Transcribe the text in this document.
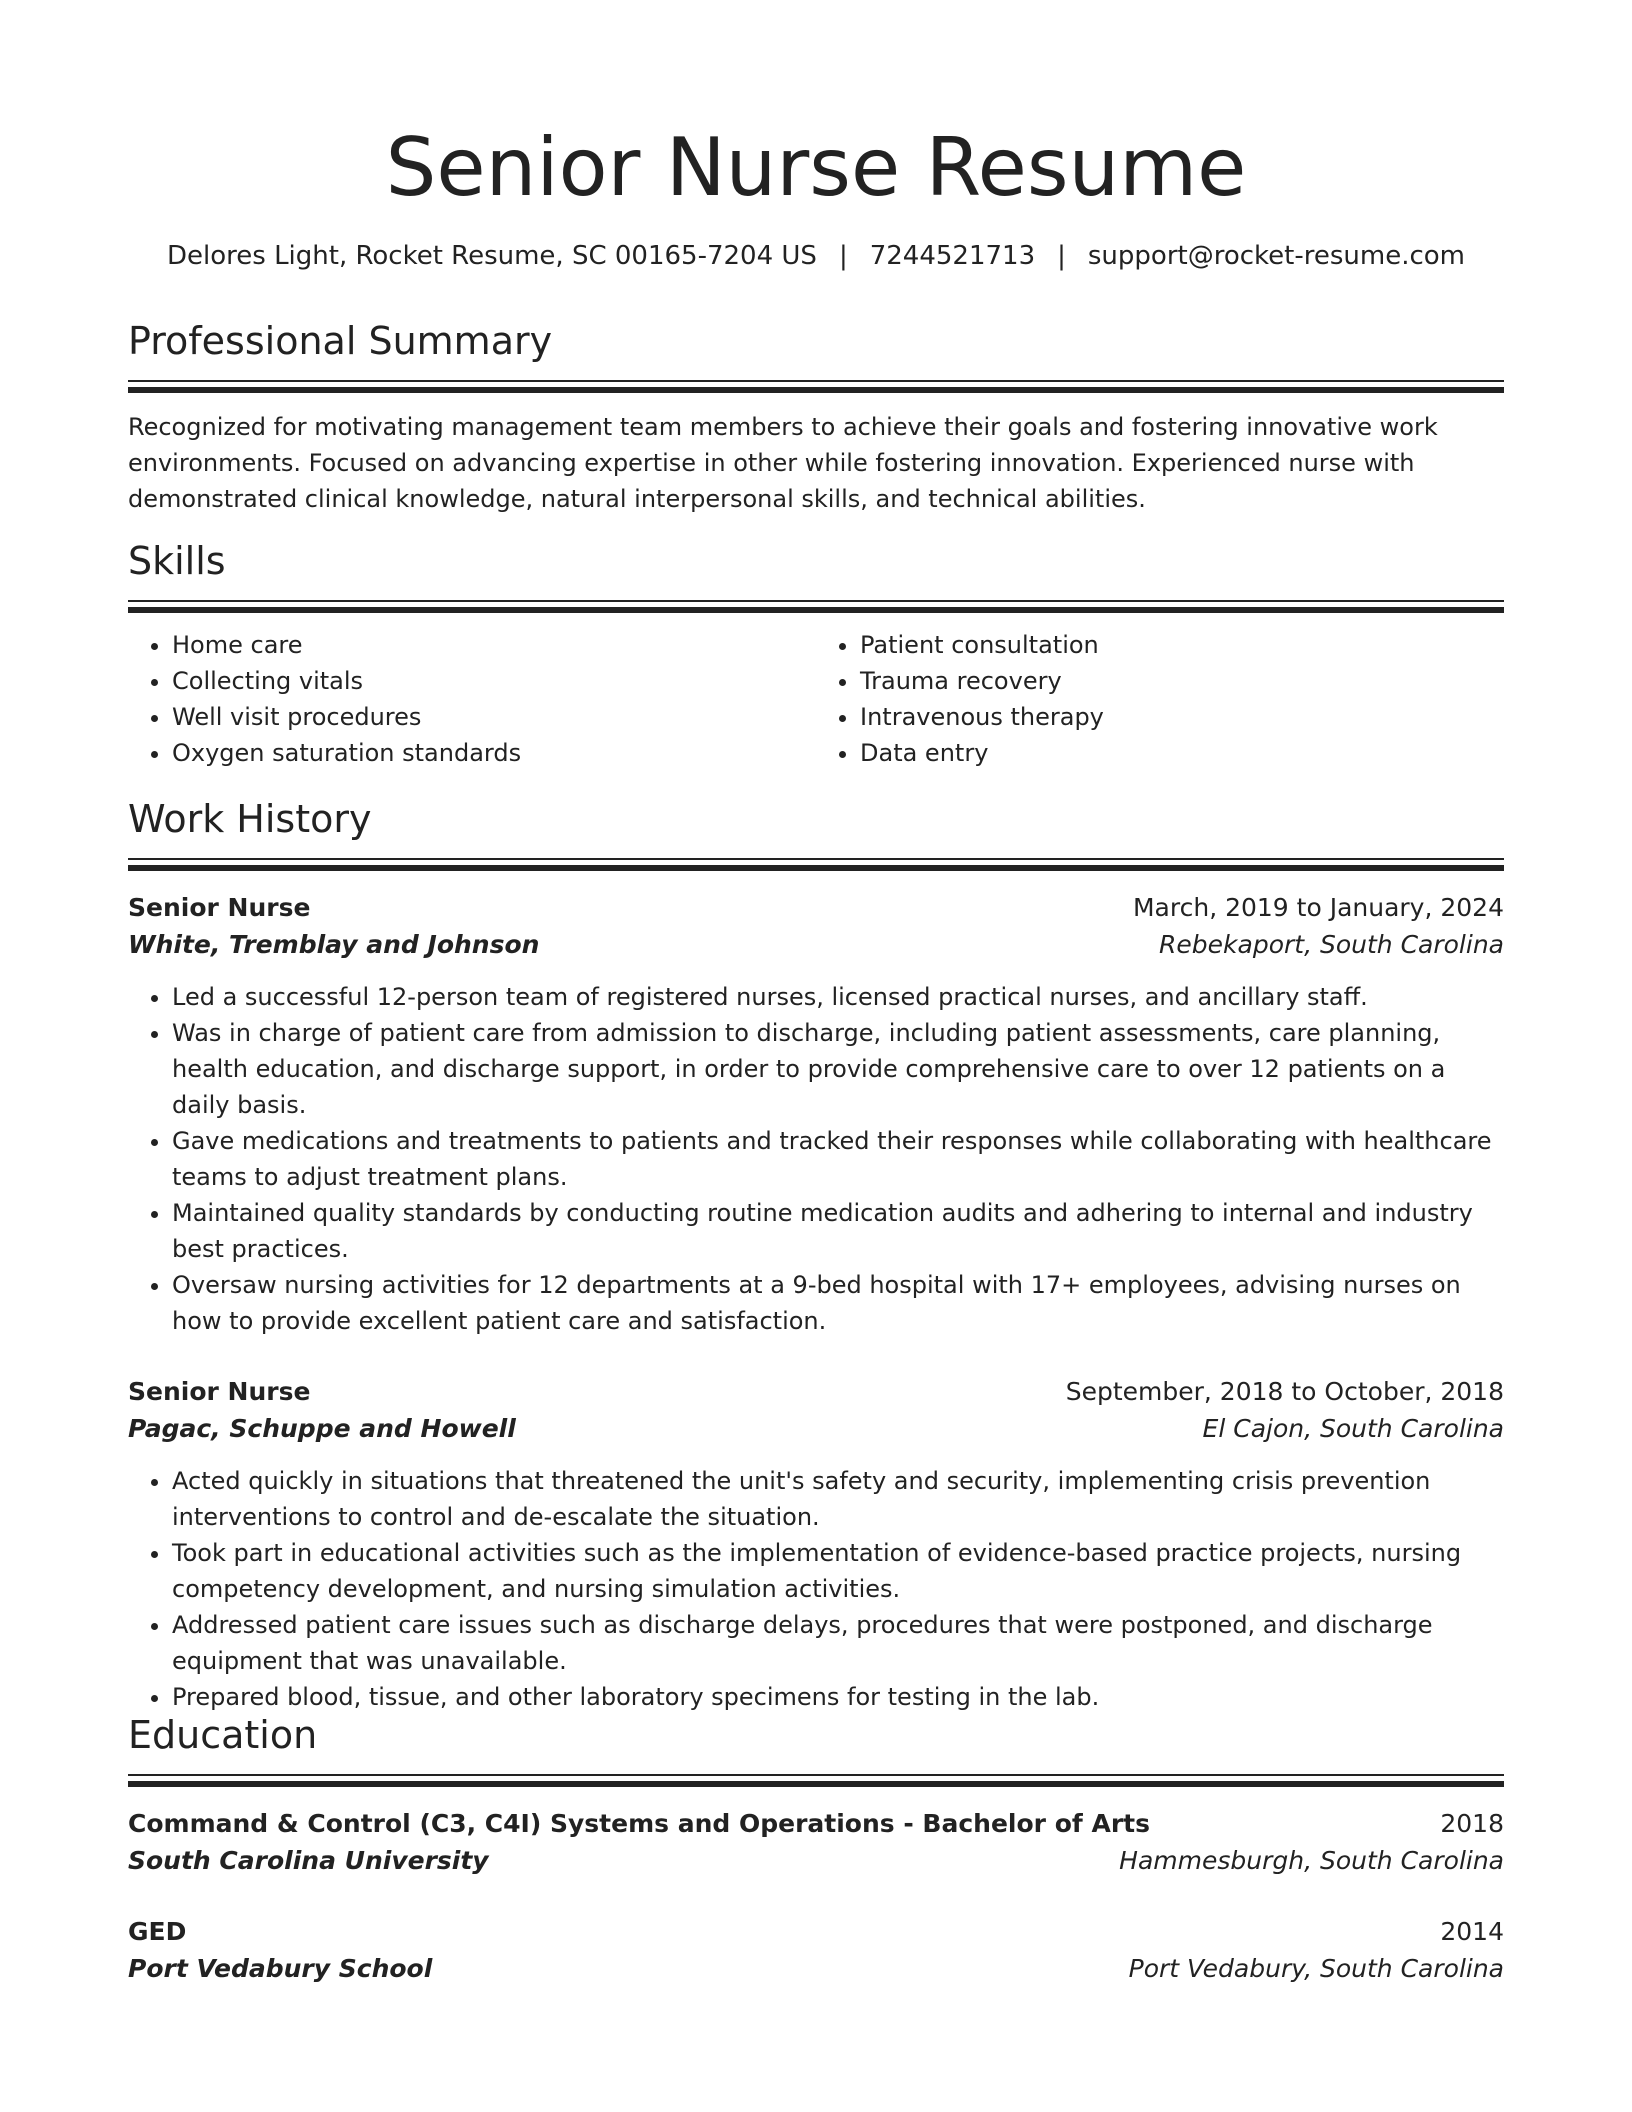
Senior Nurse Resume
Delores Light, Rocket Resume, SC 00165-7204 US | 7244521713 | support@rocket-resume.com
Professional Summary

Recognized for motivating management team members to achieve their goals and fostering innovative work environments. Focused on advancing expertise in other while fostering innovation. Experienced nurse with demonstrated clinical knowledge, natural interpersonal skills, and technical abilities.

Skills
• Home care
• Collecting vitals
• Well visit procedures
• Oxygen saturation standards
• Patient consultation
• Trauma recovery
• Intravenous therapy
• Data entry
Work History
Senior Nurse	March, 2019 to January, 2024
White, Tremblay and Johnson	Rebekaport, South Carolina
• Led a successful 12-person team of registered nurses, licensed practical nurses, and ancillary staff.
• Was in charge of patient care from admission to discharge, including patient assessments, care planning, health education, and discharge support, in order to provide comprehensive care to over 12 patients on a daily basis.
• Gave medications and treatments to patients and tracked their responses while collaborating with healthcare teams to adjust treatment plans.
• Maintained quality standards by conducting routine medication audits and adhering to internal and industry best practices.
• Oversaw nursing activities for 12 departments at a 9-bed hospital with 17+ employees, advising nurses on how to provide excellent patient care and satisfaction.
Senior Nurse	September, 2018 to October, 2018
Pagac, Schuppe and Howell	El Cajon, South Carolina
• Acted quickly in situations that threatened the unit's safety and security, implementing crisis prevention interventions to control and de-escalate the situation.
• Took part in educational activities such as the implementation of evidence-based practice projects, nursing competency development, and nursing simulation activities.
• Addressed patient care issues such as discharge delays, procedures that were postponed, and discharge equipment that was unavailable.
• Prepared blood, tissue, and other laboratory specimens for testing in the lab.
Education
Command & Control (C3, C4I) Systems and Operations - Bachelor of Arts	2018
South Carolina University	Hammesburgh, South Carolina
GED	2014
Port Vedabury School	Port Vedabury, South Carolina
